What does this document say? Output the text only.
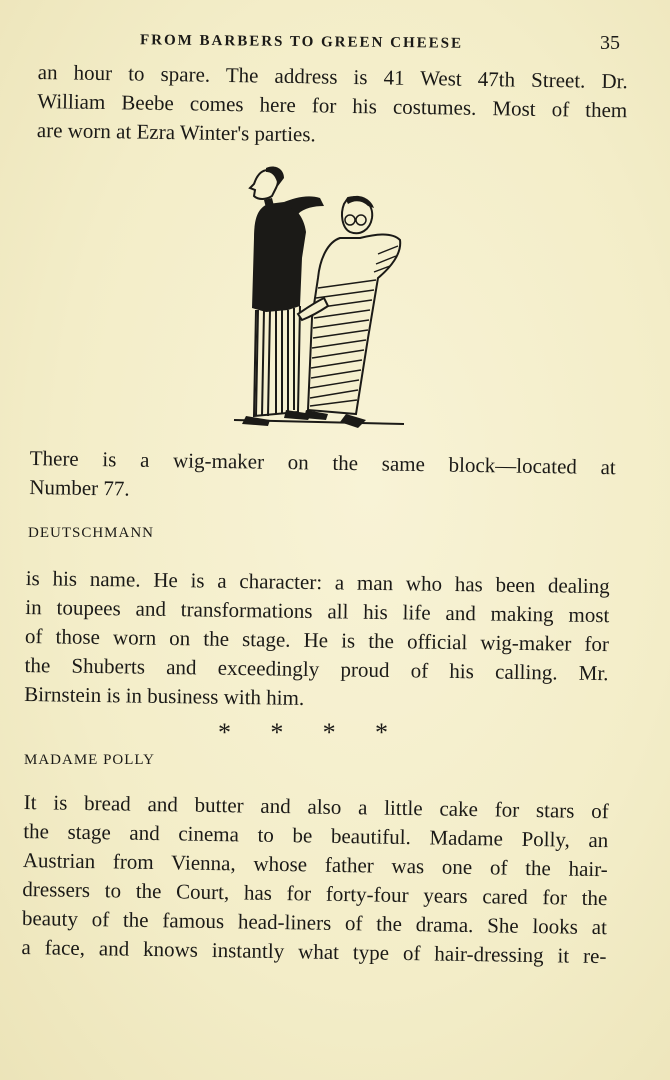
FROM BARBERS TO GREEN CHEESE	35

an hour to spare. The address is 41 West 47th Street. Dr.
William Beebe comes here for his costumes. Most of them
are worn at Ezra Winter's parties.

There is a wig-maker on the same block—located at
Number 77.

DEUTSCHMANN

is his name. He is a character: a man who has been dealing
in toupees and transformations all his life and making most
of those worn on the stage. He is the official wig-maker for
the Shuberts and exceedingly proud of his calling. Mr.
Birnstein is in business with him.

* * * *
MADAME POLLY

It is bread and butter and also a little cake for stars of
the stage and cinema to be beautiful. Madame Polly, an
Austrian from Vienna, whose father was one of the hair-
dressers to the Court, has for forty-four years cared for the
beauty of the famous head-liners of the drama. She looks at
a face, and knows instantly what type of hair-dressing it re-
